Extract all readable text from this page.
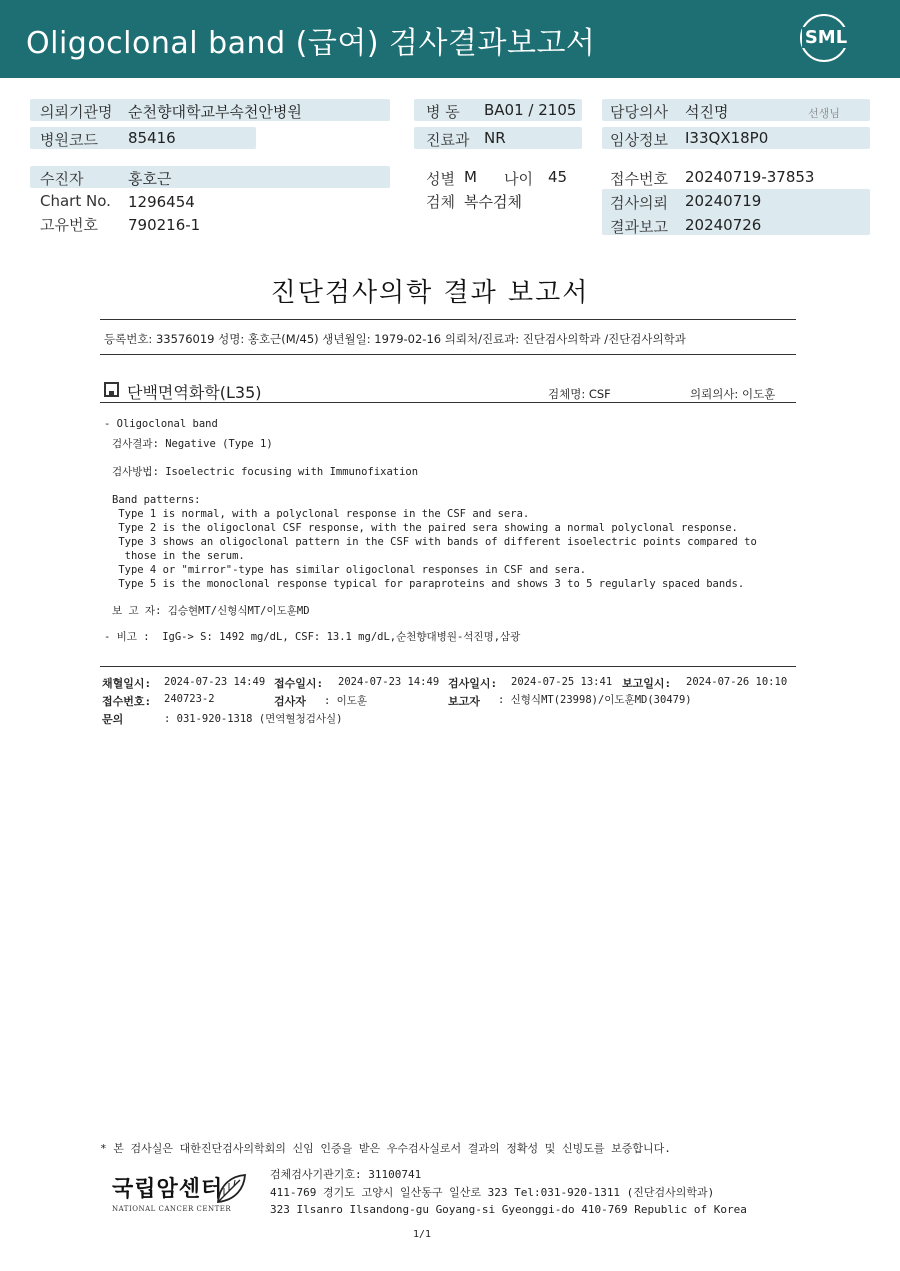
Oligoclonal band (급여) 검사결과보고서	SML
의뢰기관명 순천향대학교부속천안병원
병원코드 85416
병 동 BA01 / 2105
진료과 NR
담당의사 석진명	선생님
임상정보 I33QX18P0
수진자	홍호근
Chart No. 1296454
고유번호 790216-1
성별 M 나이 45
검체 복수검체
접수번호 20240719-37853
검사의뢰 20240719
결과보고 20240726
진단검사의학 결과 보고서
등록번호: 33576019 성명: 홍호근(M/45) 생년월일: 1979-02-16 의뢰처/진료과: 진단검사의학과 /진단검사의학과
단백면역화학(L35)	검체명: CSF	의뢰의사: 이도훈
- Oligoclonal band
검사결과: Negative (Type 1)
검사방법: Isoelectric focusing with Immunofixation
Band patterns:
Type 1 is normal, with a polyclonal response in the CSF and sera.
Type 2 is the oligoclonal CSF response, with the paired sera showing a normal polyclonal response.
Type 3 shows an oligoclonal pattern in the CSF with bands of different isoelectric points compared to
those in the serum.
Type 4 or "mirror"-type has similar oligoclonal responses in CSF and sera.
Type 5 is the monoclonal response typical for paraproteins and shows 3 to 5 regularly spaced bands.
보 고 자: 김승현MT/신형식MT/이도훈MD
- 비고 :  IgG-> S: 1492 mg/dL, CSF: 13.1 mg/dL,순천향대병원-석진명,삼광
채혈일시: 2024-07-23 14:49 접수일시: 2024-07-23 14:49 검사일시: 2024-07-25 13:41 보고일시: 2024-07-26 10:10
접수번호: 240723-2	검사자 : 이도훈	보고자 : 신형식MT(23998)/이도훈MD(30479)
문의	: 031-920-1318 (면역혈청검사실)
* 본 검사실은 대한진단검사의학회의 신임 인증을 받은 우수검사실로서 결과의 정확성 및 신빙도를 보증합니다.
국립암센터
NATIONAL CANCER CENTER
검체검사기관기호: 31100741
411-769 경기도 고양시 일산동구 일산로 323 Tel:031-920-1311 (진단검사의학과)
323 Ilsanro Ilsandong-gu Goyang-si Gyeonggi-do 410-769 Republic of Korea
1/1
